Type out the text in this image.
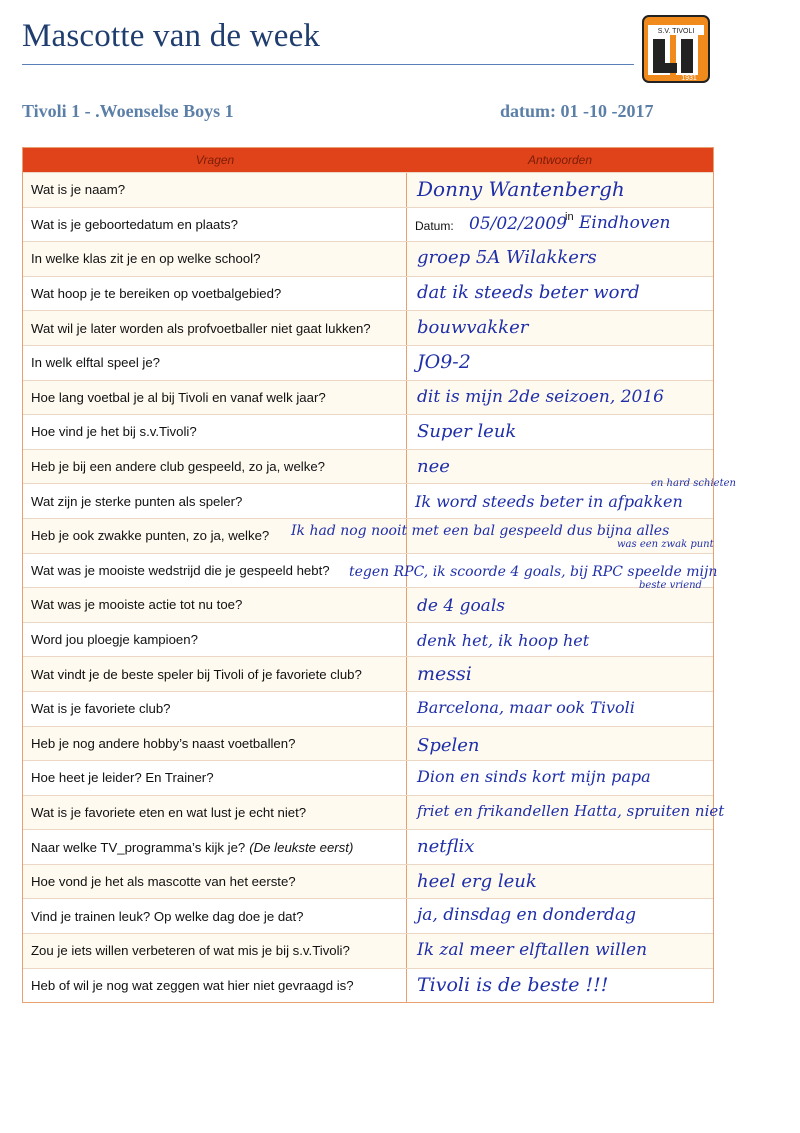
Mascotte van de week	S.V. TIVOLI
1931
Tivoli 1 - .Woenselse Boys 1	datum: 01 -10 -2017
Vragen	Antwoorden
Wat is je naam?	Donny Wantenbergh
Wat is je geboortedatum en plaats?	Datum: 05/02/2009
in Eindhoven
In welke klas zit je en op welke school?	groep 5A Wilakkers
Wat hoop je te bereiken op voetbalgebied?	dat ik steeds beter word
Wat wil je later worden als profvoetballer niet gaat lukken?	bouwvakker
In welk elftal speel je?	JO9-2
Hoe lang voetbal je al bij Tivoli en vanaf welk jaar?	dit is mijn 2de seizoen, 2016
Hoe vind je het bij s.v.Tivoli?	Super leuk
Heb je bij een andere club gespeeld, zo ja, welke?	nee
Wat zijn je sterke punten als speler?	Ik word steeds beter in afpakken
en hard schieten
Heb je ook zwakke punten, zo ja, welke?	Ik had nog nooit met een bal gespeeld dus bijna alles
was een zwak punt
Wat was je mooiste wedstrijd die je gespeeld hebt?	tegen RPC, ik scoorde 4 goals, bij RPC speelde mijn
beste vriend
Wat was je mooiste actie tot nu toe?	de 4 goals
Word jou ploegje kampioen?	denk het, ik hoop het
Wat vindt je de beste speler bij Tivoli of je favoriete club?	messi
Wat is je favoriete club?	Barcelona, maar ook Tivoli
Heb je nog andere hobby’s naast voetballen?	Spelen
Hoe heet je leider? En Trainer?	Dion en sinds kort mijn papa
Wat is je favoriete eten en wat lust je echt niet?	friet en frikandellen Hatta, spruiten niet
Naar welke TV_programma’s kijk je? (De leukste eerst)	netflix
Hoe vond je het als mascotte van het eerste?	heel erg leuk
Vind je trainen leuk? Op welke dag doe je dat?	ja, dinsdag en donderdag
Zou je iets willen verbeteren of wat mis je bij s.v.Tivoli?	Ik zal meer elftallen willen
Heb of wil je nog wat zeggen wat hier niet gevraagd is?	Tivoli is de beste !!!
